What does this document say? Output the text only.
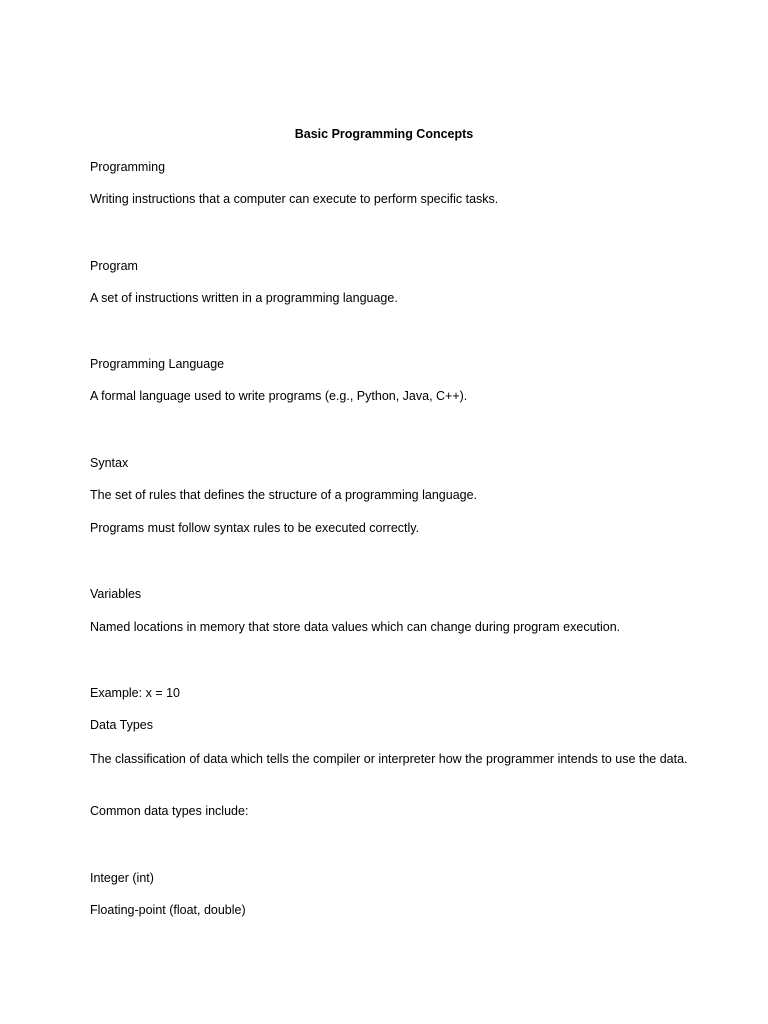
Basic Programming Concepts
Programming
Writing instructions that a computer can execute to perform specific tasks.
Program
A set of instructions written in a programming language.
Programming Language
A formal language used to write programs (e.g., Python, Java, C++).
Syntax
The set of rules that defines the structure of a programming language.
Programs must follow syntax rules to be executed correctly.
Variables
Named locations in memory that store data values which can change during program execution.
Example: x = 10
Data Types
The classification of data which tells the compiler or interpreter how the programmer intends to use the data.
Common data types include:
Integer (int)
Floating-point (float, double)
